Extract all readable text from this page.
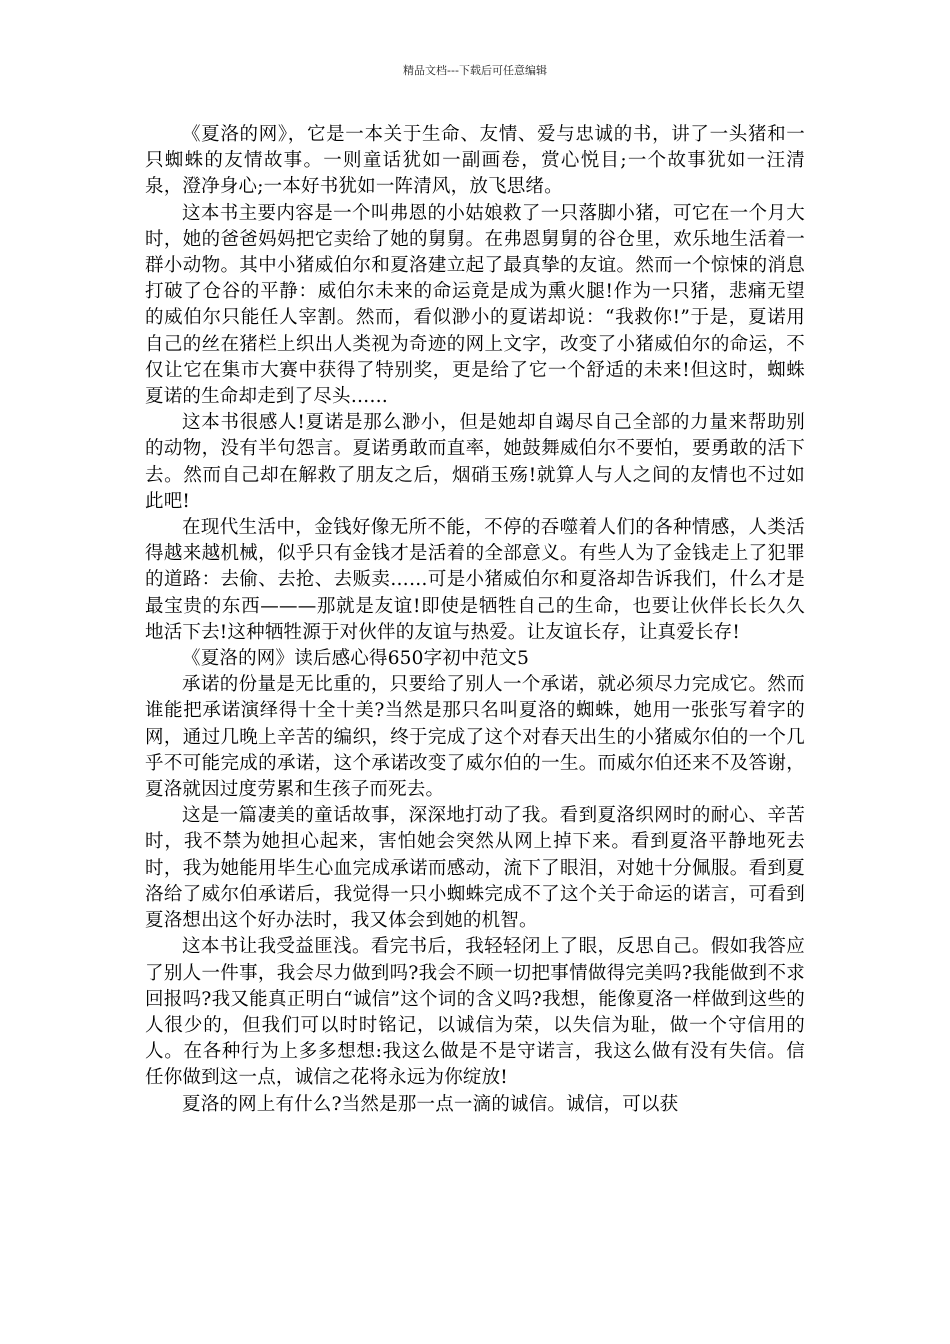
精品文档---下载后可任意编辑

《夏洛的网》，它是一本关于生命、友情、爱与忠诚的书，讲了一头猪和一只蜘蛛的友情故事。一则童话犹如一副画卷，赏心悦目;一个故事犹如一汪清泉，澄净身心;一本好书犹如一阵清风，放飞思绪。

这本书主要内容是一个叫弗恩的小姑娘救了一只落脚小猪，可它在一个月大时，她的爸爸妈妈把它卖给了她的舅舅。在弗恩舅舅的谷仓里，欢乐地生活着一群小动物。其中小猪威伯尔和夏洛建立起了最真挚的友谊。然而一个惊悚的消息打破了仓谷的平静：威伯尔未来的命运竟是成为熏火腿!作为一只猪，悲痛无望的威伯尔只能任人宰割。然而，看似渺小的夏诺却说：“我救你!”于是，夏诺用自己的丝在猪栏上织出人类视为奇迹的网上文字，改变了小猪威伯尔的命运，不仅让它在集市大赛中获得了特别奖，更是给了它一个舒适的未来!但这时，蜘蛛夏诺的生命却走到了尽头……

这本书很感人!夏诺是那么渺小，但是她却自竭尽自己全部的力量来帮助别的动物，没有半句怨言。夏诺勇敢而直率，她鼓舞威伯尔不要怕，要勇敢的活下去。然而自己却在解救了朋友之后，烟硝玉殇!就算人与人之间的友情也不过如此吧!

在现代生活中，金钱好像无所不能，不停的吞噬着人们的各种情感，人类活得越来越机械，似乎只有金钱才是活着的全部意义。有些人为了金钱走上了犯罪的道路：去偷、去抢、去贩卖……可是小猪威伯尔和夏洛却告诉我们，什么才是最宝贵的东西———那就是友谊!即使是牺牲自己的生命，也要让伙伴长长久久地活下去!这种牺牲源于对伙伴的友谊与热爱。让友谊长存，让真爱长存!

《夏洛的网》读后感心得650字初中范文5

承诺的份量是无比重的，只要给了别人一个承诺，就必须尽力完成它。然而谁能把承诺演绎得十全十美?当然是那只名叫夏洛的蜘蛛，她用一张张写着字的网，通过几晚上辛苦的编织，终于完成了这个对春天出生的小猪威尔伯的一个几乎不可能完成的承诺，这个承诺改变了威尔伯的一生。而威尔伯还来不及答谢，夏洛就因过度劳累和生孩子而死去。

这是一篇凄美的童话故事，深深地打动了我。看到夏洛织网时的耐心、辛苦时，我不禁为她担心起来，害怕她会突然从网上掉下来。看到夏洛平静地死去时，我为她能用毕生心血完成承诺而感动，流下了眼泪，对她十分佩服。看到夏洛给了威尔伯承诺后，我觉得一只小蜘蛛完成不了这个关于命运的诺言，可看到夏洛想出这个好办法时，我又体会到她的机智。

这本书让我受益匪浅。看完书后，我轻轻闭上了眼，反思自己。假如我答应了别人一件事，我会尽力做到吗?我会不顾一切把事情做得完美吗?我能做到不求回报吗?我又能真正明白“诚信”这个词的含义吗?我想，能像夏洛一样做到这些的人很少的，但我们可以时时铭记，以诚信为荣，以失信为耻，做一个守信用的人。在各种行为上多多想想:我这么做是不是守诺言，我这么做有没有失信。信任你做到这一点，诚信之花将永远为你绽放!

夏洛的网上有什么?当然是那一点一滴的诚信。诚信，可以获
